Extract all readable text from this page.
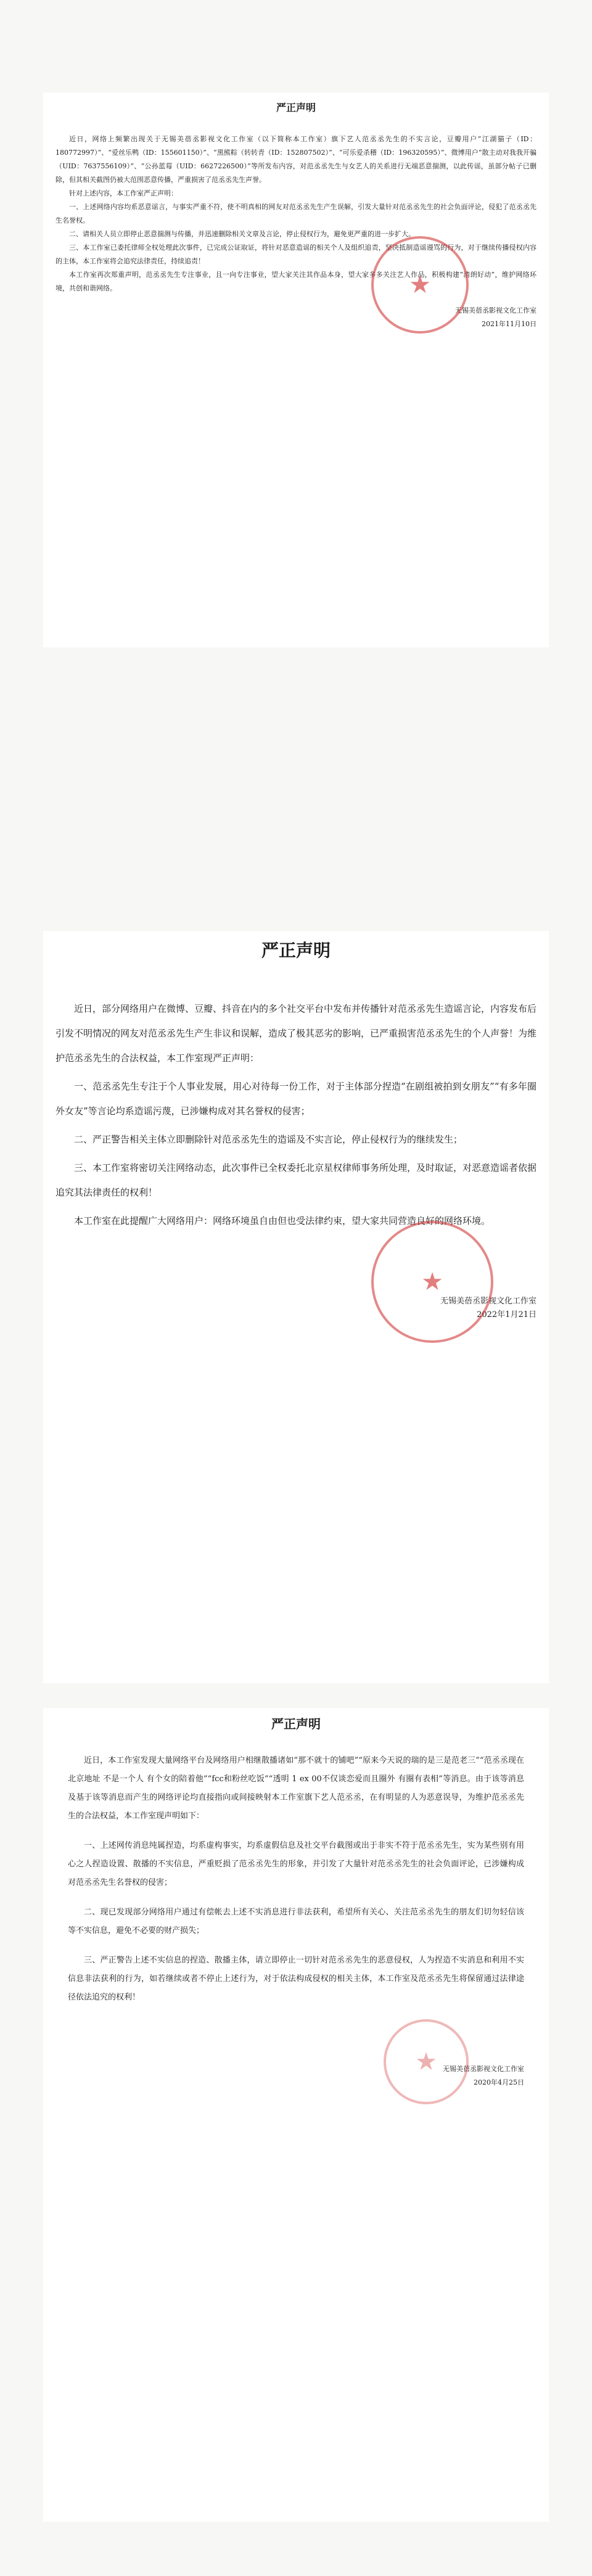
严正声明

近日，网络上频繁出现关于无锡美蓓丞影视文化工作室（以下简称本工作室）旗下艺人范丞丞先生的不实言论，豆瓣用户“江湖猫子（ID：180772997）”、“爱丝乐鸭（ID：155601150）”、“黑熊粽（转转青（ID：152807502）”、“可乐爱杀稽（ID：196320595）”、微博用户“散主动对我我开骗（UID：7637556109）”、“公孙蓝莓（UID：6627226500）”等所发布内容，对范丞丞先生与女艺人的关系进行无端恶意揣测，以此传谣，虽部分帖子已删除，但其相关截图仍被大范围恶意传播，严重损害了范丞丞先生声誉。

针对上述内容，本工作室严正声明：

一、上述网络内容均系恶意谣言，与事实严重不符，使不明真相的网友对范丞丞先生产生误解，引发大量针对范丞丞先生的社会负面评论，侵犯了范丞丞先生名誉权。

二、请相关人员立即停止恶意揣测与传播，并迅速删除相关文章及言论，停止侵权行为，避免更严重的进一步扩大。

三、本工作室已委托律师全权处理此次事件，已完成公证取证，将针对恶意造谣的相关个人及组织追责，坚决抵制造谣谩骂的行为，对于继续传播侵权内容的主体，本工作室将会追究法律责任，持续追责！

本工作室再次郑重声明，范丞丞先生专注事业，且一向专注事业，望大家关注其作品本身，望大家多多关注艺人作品，积极构建“清朗好动”，维护网络环境，共创和谐网络。	★

无锡美蓓丞影视文化工作室

2021年11月10日

严正声明

近日，部分网络用户在微博、豆瓣、抖音在内的多个社交平台中发布并传播针对范丞丞先生造谣言论，内容发布后引发不明情况的网友对范丞丞先生产生非议和误解，造成了极其恶劣的影响，已严重损害范丞丞先生的个人声誉！为维护范丞丞先生的合法权益，本工作室现严正声明：

一、范丞丞先生专注于个人事业发展，用心对待每一份工作，对于主体部分捏造“在剧组被拍到女朋友”“有多年圈外女友”等言论均系造谣污蔑，已涉嫌构成对其名誉权的侵害；

二、严正警告相关主体立即删除针对范丞丞先生的造谣及不实言论，停止侵权行为的继续发生；

三、本工作室将密切关注网络动态，此次事件已全权委托北京星权律师事务所处理，及时取证，对恶意造谣者依据追究其法律责任的权利！

本工作室在此提醒广大网络用户：网络环境虽自由但也受法律约束，望大家共同营造良好的网络环境。

★

无锡美蓓丞影视文化工作室

2022年1月21日

严正声明

近日，本工作室发现大量网络平台及网络用户相继散播诸如“那不就十的铺吧”“原来今天说的瑞的是三是范老三”“范丞丞现在北京地址 不是一个人 有个女的陪着他”“fcc和粉丝吃饭”“透明 1 ex 00不仅谈恋爱而且圈外 有圈有表相”等消息。由于该等消息及基于该等消息而产生的网络评论均直接指向或间接映射本工作室旗下艺人范丞丞，在有明显的人为恶意误导，为维护范丞丞先生的合法权益，本工作室现声明如下：

一、上述网传消息纯属捏造，均系虚构事实，均系虚假信息及社交平台截图或出于非实不符于范丞丞先生，实为某些别有用心之人捏造设置、散播的不实信息，严重贬损了范丞丞先生的形象，并引发了大量针对范丞丞先生的社会负面评论，已涉嫌构成对范丞丞先生名誉权的侵害；

二、现已发现部分网络用户通过有偿帐去上述不实消息进行非法获利，希望所有关心、关注范丞丞先生的朋友们切勿轻信该等不实信息，避免不必要的财产损失；

三、严正警告上述不实信息的捏造、散播主体，请立即停止一切针对范丞丞先生的恶意侵权，人为捏造不实消息和利用不实信息非法获利的行为，如若继续或者不停止上述行为，对于依法构成侵权的相关主体，本工作室及范丞丞先生将保留通过法律途径依法追究的权利！

★ 无锡美蓓丞影视文化工作室

2020年4月25日
